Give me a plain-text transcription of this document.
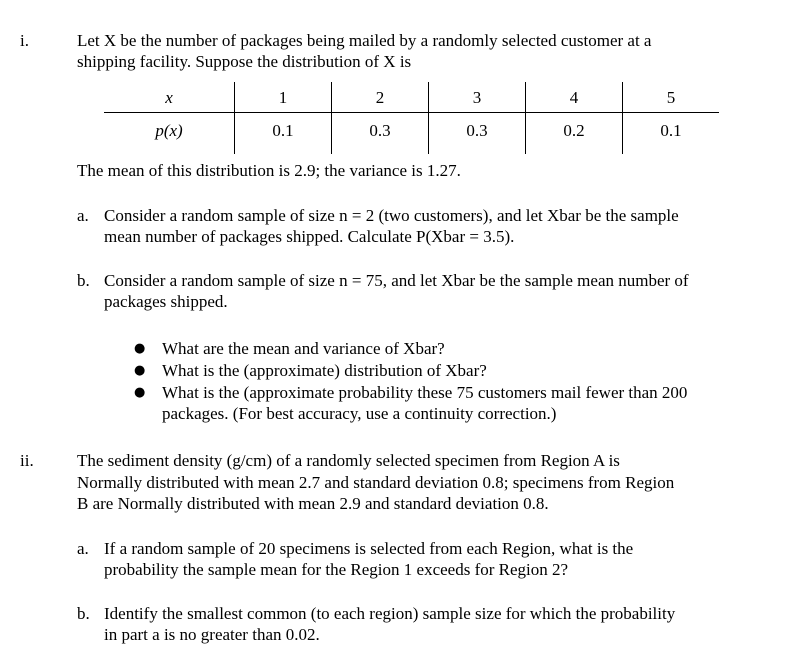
i.	Let X be the number of packages being mailed by a randomly selected customer at a
shipping facility. Suppose the distribution of X is
x	1	2	3	4	5
p(x)	0.1	0.3	0.3	0.2	0.1
The mean of this distribution is 2.9; the variance is 1.27.
a. Consider a random sample of size n = 2 (two customers), and let Xbar be the sample
mean number of packages shipped. Calculate P(Xbar = 3.5).
b. Consider a random sample of size n = 75, and let Xbar be the sample mean number of
packages shipped.
● What are the mean and variance of Xbar?
● What is the (approximate) distribution of Xbar?
● What is the (approximate probability these 75 customers mail fewer than 200
packages. (For best accuracy, use a continuity correction.)
ii.	The sediment density (g/cm) of a randomly selected specimen from Region A is
Normally distributed with mean 2.7 and standard deviation 0.8; specimens from Region
B are Normally distributed with mean 2.9 and standard deviation 0.8.
a. If a random sample of 20 specimens is selected from each Region, what is the
probability the sample mean for the Region 1 exceeds for Region 2?
b. Identify the smallest common (to each region) sample size for which the probability
in part a is no greater than 0.02.
